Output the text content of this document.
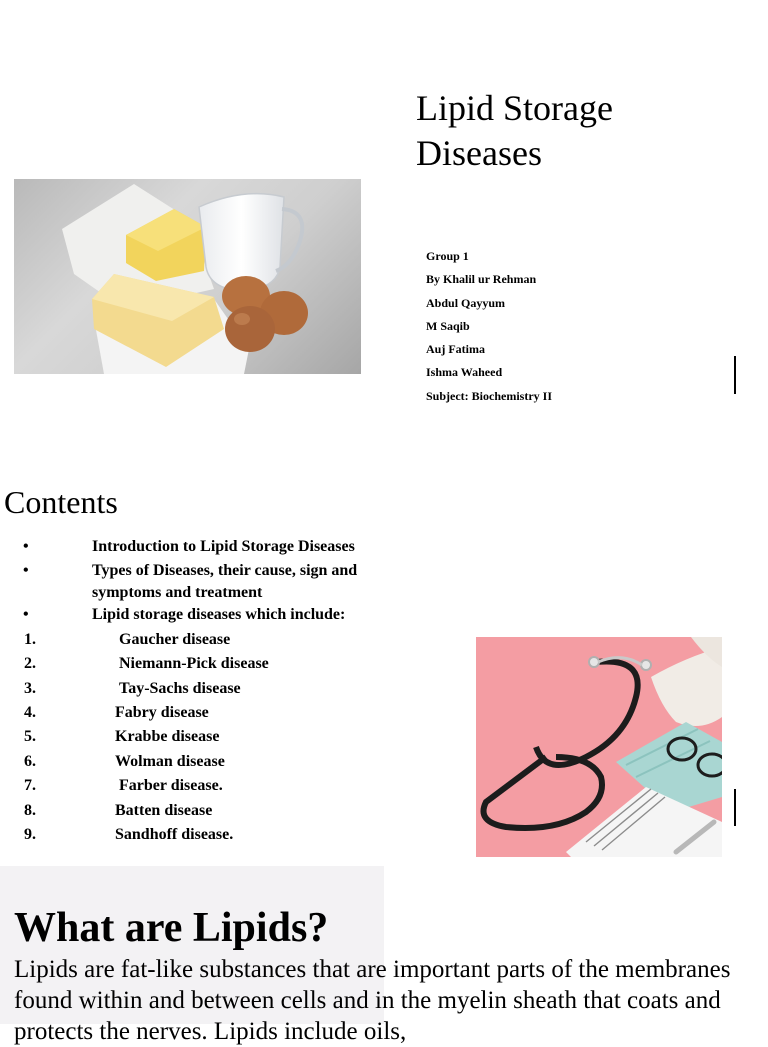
Lipid Storage
Diseases
Group 1
By Khalil ur Rehman
Abdul Qayyum
M Saqib
Auj Fatima
Ishma Waheed
Subject: Biochemistry II
Contents
•	Introduction to Lipid Storage Diseases
•	Types of Diseases, their cause, sign and symptoms and treatment
•	Lipid storage diseases which include:
1.	Gaucher disease
2.	Niemann-Pick disease
3.	Tay-Sachs disease
4.	Fabry disease
5.	Krabbe disease
6.	Wolman disease
7.	Farber disease.
8.	Batten disease
9.	Sandhoff disease.
What are Lipids?

Lipids are fat-like substances that are important parts of the membranes found within and between cells and in the myelin sheath that coats and protects the nerves. Lipids include oils,
